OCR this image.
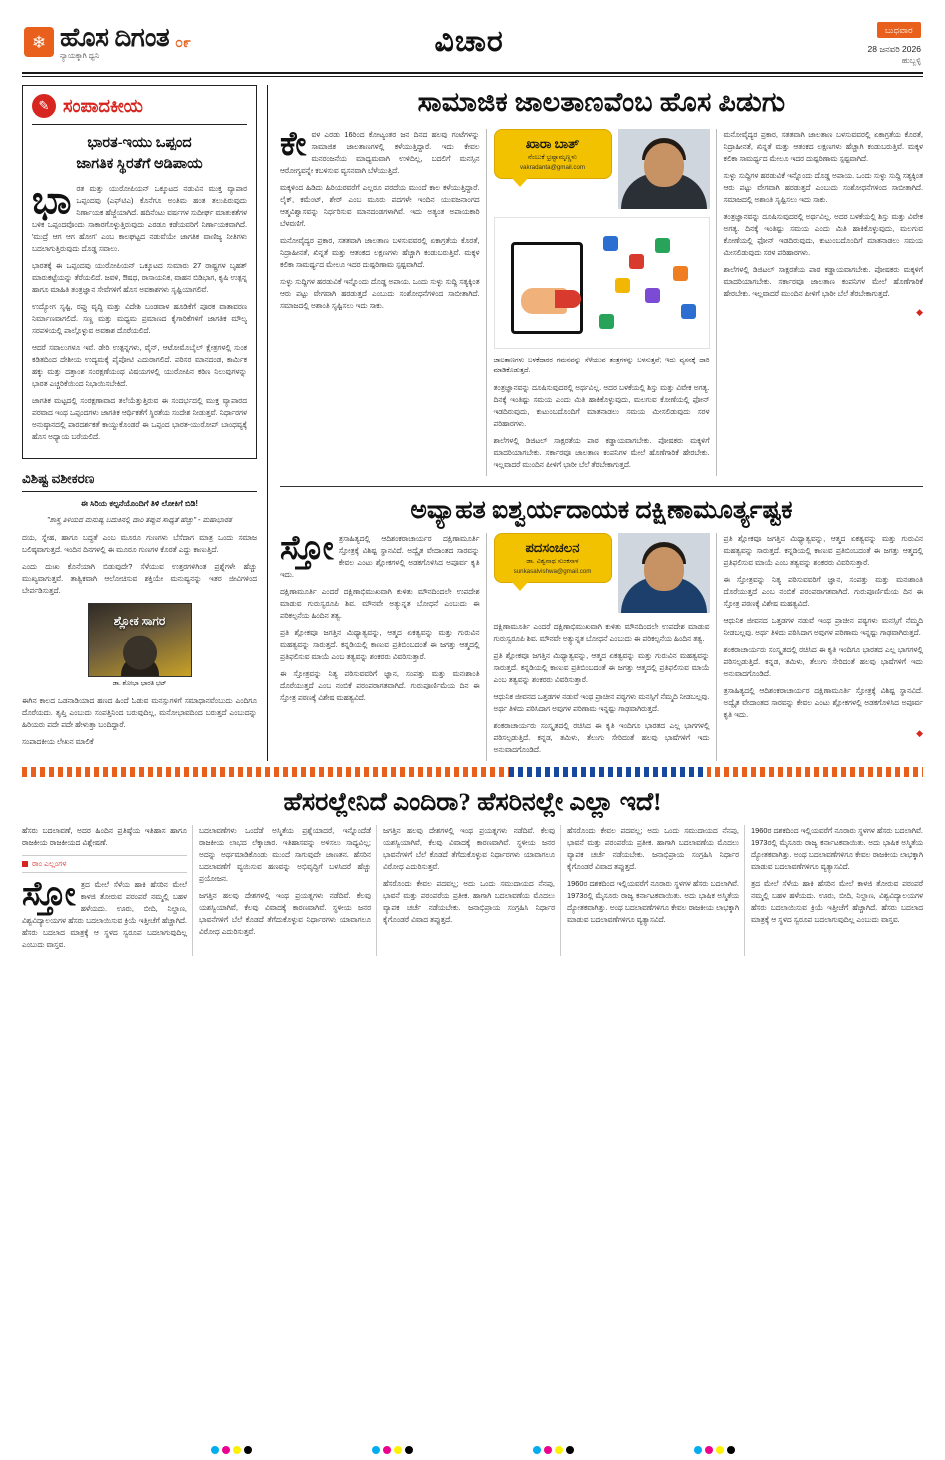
❄ ಹೊಸ ದಿಗಂತ
ನ್ಯಾಯಕ್ಕಾಗಿ ಧ್ವನಿ
೦೯	ವಿಚಾರ	ಬುಧವಾರ
28 ಜನವರಿ 2026
ಹುಬ್ಬಳ್ಳಿ
✎ ಸಂಪಾದಕೀಯ
ಭಾರತ-ಇಯು ಒಪ್ಪಂದ
ಜಾಗತಿಕ ಸ್ಥಿರತೆಗೆ ಅಡಿಪಾಯ
ಭಾ ರತ ಮತ್ತು ಯುರೋಪಿಯನ್ ಒಕ್ಕೂಟದ ನಡುವಿನ ಮುಕ್ತ ವ್ಯಾಪಾರ ಒಪ್ಪಂದವು (ಎಫ್‌ಟಿಎ) ಕೊನೆಗೂ ಅಂತಿಮ ಹಂತ ತಲುಪಿರುವುದು ನಿರ್ಣಾಯಕ ಹೆಜ್ಜೆಯಾಗಿದೆ. ಹದಿನೆಂಟು ವರ್ಷಗಳ ಸುದೀರ್ಘ ಮಾತುಕತೆಗಳ ಬಳಿಕ ಒಪ್ಪಂದವೊಂದು ಸಾಕಾರಗೊಳ್ಳುತ್ತಿರುವುದು ಎರಡೂ ಕಡೆಯವರಿಗೆ ನಿರ್ಣಾಯಕವಾಗಿದೆ. 'ಮುದ್ರೆ ಆಗ ಆಗ ಹೋಗ' ಎಂಬ ಕಾಲಘಟ್ಟದ ನಡುವೆಯೇ ಜಾಗತಿಕ ವಾಣಿಜ್ಯ ನೀತಿಗಳು ಬದಲಾಗುತ್ತಿರುವುದು ದೊಡ್ಡ ಸವಾಲು.

ಭಾರತಕ್ಕೆ ಈ ಒಪ್ಪಂದವು ಯುರೋಪಿಯನ್ ಒಕ್ಕೂಟದ ಸುಮಾರು 27 ರಾಷ್ಟ್ರಗಳ ಬೃಹತ್ ಮಾರುಕಟ್ಟೆಯನ್ನು ತೆರೆಯಲಿದೆ. ಜವಳಿ, ಔಷಧ, ರಾಸಾಯನಿಕ, ವಾಹನ ಬಿಡಿಭಾಗ, ಕೃಷಿ ಉತ್ಪನ್ನ ಹಾಗೂ ಮಾಹಿತಿ ತಂತ್ರಜ್ಞಾನ ಸೇವೆಗಳಿಗೆ ಹೊಸ ಅವಕಾಶಗಳು ಸೃಷ್ಟಿಯಾಗಲಿವೆ.

ಉದ್ಯೋಗ ಸೃಷ್ಟಿ, ರಫ್ತು ವೃದ್ಧಿ ಮತ್ತು ವಿದೇಶಿ ಬಂಡವಾಳ ಹೂಡಿಕೆಗೆ ಪೂರಕ ವಾತಾವರಣ ನಿರ್ಮಾಣವಾಗಲಿದೆ. ಸಣ್ಣ ಮತ್ತು ಮಧ್ಯಮ ಪ್ರಮಾಣದ ಕೈಗಾರಿಕೆಗಳಿಗೆ ಜಾಗತಿಕ ಮೌಲ್ಯ ಸರಪಳಿಯಲ್ಲಿ ಪಾಲ್ಗೊಳ್ಳುವ ಅವಕಾಶ ದೊರೆಯಲಿದೆ.

ಆದರೆ ಸವಾಲುಗಳೂ ಇವೆ. ಡೇರಿ ಉತ್ಪನ್ನಗಳು, ವೈನ್, ಆಟೋಮೊಬೈಲ್ ಕ್ಷೇತ್ರಗಳಲ್ಲಿ ಸುಂಕ ಕಡಿತದಿಂದ ದೇಶೀಯ ಉದ್ಯಮಕ್ಕೆ ಪೈಪೋಟಿ ಎದುರಾಗಲಿದೆ. ಪರಿಸರ ಮಾನದಂಡ, ಕಾರ್ಮಿಕ ಹಕ್ಕು ಮತ್ತು ದತ್ತಾಂಶ ಸಂರಕ್ಷಣೆಯಂಥ ವಿಷಯಗಳಲ್ಲಿ ಯುರೋಪಿನ ಕಠಿಣ ನಿಲುವುಗಳನ್ನು ಭಾರತ ಎಚ್ಚರಿಕೆಯಿಂದ ನಿಭಾಯಿಸಬೇಕಿದೆ.

ಜಾಗತಿಕ ಮಟ್ಟದಲ್ಲಿ ಸಂರಕ್ಷಣಾವಾದ ತಲೆಯೆತ್ತುತ್ತಿರುವ ಈ ಸಂದರ್ಭದಲ್ಲಿ ಮುಕ್ತ ವ್ಯಾಪಾರದ ಪರವಾದ ಇಂಥ ಒಪ್ಪಂದಗಳು ಜಾಗತಿಕ ಆರ್ಥಿಕತೆಗೆ ಸ್ಥಿರತೆಯ ಸಂದೇಶ ನೀಡುತ್ತವೆ. ನಿರ್ಧಾರಗಳ ಅನುಷ್ಠಾನದಲ್ಲಿ ಪಾರದರ್ಶಕತೆ ಕಾಯ್ದುಕೊಂಡರೆ ಈ ಒಪ್ಪಂದ ಭಾರತ-ಯುರೋಪ್ ಬಾಂಧವ್ಯಕ್ಕೆ ಹೊಸ ಅಧ್ಯಾಯ ಬರೆಯಲಿದೆ.

ವಿಶಿಷ್ಟ ವಶೀಕರಣ
ಈ ಸಿರಿಯ ಕಲ್ಪನೆಯೊಂದಿಗೆ ತಿಳಿ ಲೋಕಿಗೆ ಬಿಡಿ!
"ಶಾಸ್ತ್ರ ತಿಳಿಯದ ಮನುಷ್ಯ ಬದುಕಿನಲ್ಲಿ ದಾರಿ ತಪ್ಪುವ ಸಾಧ್ಯತೆ ಹೆಚ್ಚು" - ಮಹಾಭಾರತ

ದಯ, ಸ್ನೇಹ, ಹಾಗೂ ಬದ್ಧತೆ ಎಂಬ ಮೂರೂ ಗುಣಗಳು ಬೆಸೆದಾಗ ಮಾತ್ರ ಒಂದು ಸಮಾಜ ಬಲಿಷ್ಠವಾಗುತ್ತದೆ. ಇಂದಿನ ದಿನಗಳಲ್ಲಿ ಈ ಮೂರೂ ಗುಣಗಳ ಕೊರತೆ ಎದ್ದು ಕಾಣುತ್ತಿದೆ.

ಎಂದು ದುಃಖ ಕೊನೆಯಾಗಿ ಬಿಡುವುದೇ? ಸೆಳೆಯುವ ಉತ್ತರಗಳಿಗಿಂತ ಪ್ರಶ್ನೆಗಳೇ ಹೆಚ್ಚು ಮುಖ್ಯವಾಗುತ್ತವೆ. ತಾತ್ವಿಕವಾಗಿ ಆಲೋಚಿಸುವ ಶಕ್ತಿಯೇ ಮನುಷ್ಯನನ್ನು ಇತರ ಜೀವಿಗಳಿಂದ ಬೇರ್ಪಡಿಸುತ್ತದೆ.

ಶ್ಲೋಕ ಸಾಗರ
ಡಾ. ಶೋಭಾ ಭಾರತಿ ಭಟ್

ಈಗಿನ ಕಾಲದ ಒಡನಾಡಿಯಾದ ಹಣದ ಹಿಂದೆ ಓಡುವ ಮನಸ್ಸುಗಳಿಗೆ ಸಮಾಧಾನವೆಂಬುದು ಎಂದಿಗೂ ದೊರೆಯದು. ತೃಪ್ತಿ ಎಂಬುದು ಸಂಪತ್ತಿನಿಂದ ಬರುವುದಿಲ್ಲ, ಮನೋಭಾವದಿಂದ ಬರುತ್ತದೆ ಎಂಬುದನ್ನು ಹಿರಿಯರು ಪದೇ ಪದೇ ಹೇಳುತ್ತಾ ಬಂದಿದ್ದಾರೆ.

ಸಂಪಾದಕೀಯ ಲೇಖನ ಮಾಲಿಕೆ

ಸಾಮಾಜಿಕ ಜಾಲತಾಣವೆಂಬ ಹೊಸ ಪಿಡುಗು
ಕೇ ವಳ ಎರಡು 16ರಿಂದ ಕೋಟ್ಯಂತರ ಜನ ದಿನದ ಹಲವು ಗಂಟೆಗಳನ್ನು ಸಾಮಾಜಿಕ ಜಾಲತಾಣಗಳಲ್ಲಿ ಕಳೆಯುತ್ತಿದ್ದಾರೆ. ಇದು ಕೇವಲ ಮನರಂಜನೆಯ ಮಾಧ್ಯಮವಾಗಿ ಉಳಿದಿಲ್ಲ, ಬದಲಿಗೆ ಮನಸ್ಸಿನ ಆರೋಗ್ಯವನ್ನೇ ಕಬಳಿಸುವ ವ್ಯಸನವಾಗಿ ಬೆಳೆಯುತ್ತಿದೆ.

ಮಕ್ಕಳಿಂದ ಹಿಡಿದು ಹಿರಿಯರವರೆಗೆ ಎಲ್ಲರೂ ಪರದೆಯ ಮುಂದೆ ಕಾಲ ಕಳೆಯುತ್ತಿದ್ದಾರೆ. ಲೈಕ್, ಕಮೆಂಟ್, ಶೇರ್ ಎಂಬ ಮೂರು ಪದಗಳೇ ಇಂದಿನ ಯುವಜನಾಂಗದ ಆತ್ಮವಿಶ್ವಾಸವನ್ನು ನಿರ್ಧರಿಸುವ ಮಾನದಂಡಗಳಾಗಿವೆ. ಇದು ಅತ್ಯಂತ ಅಪಾಯಕಾರಿ ಬೆಳವಣಿಗೆ.

ಮನೋವೈದ್ಯರ ಪ್ರಕಾರ, ಸತತವಾಗಿ ಜಾಲತಾಣ ಬಳಸುವವರಲ್ಲಿ ಏಕಾಗ್ರತೆಯ ಕೊರತೆ, ನಿದ್ರಾಹೀನತೆ, ಖಿನ್ನತೆ ಮತ್ತು ಆತಂಕದ ಲಕ್ಷಣಗಳು ಹೆಚ್ಚಾಗಿ ಕಂಡುಬರುತ್ತಿವೆ. ಮಕ್ಕಳ ಕಲಿಕಾ ಸಾಮರ್ಥ್ಯದ ಮೇಲೂ ಇದರ ದುಷ್ಪರಿಣಾಮ ಸ್ಪಷ್ಟವಾಗಿದೆ.

ಸುಳ್ಳು ಸುದ್ದಿಗಳ ಹರಡುವಿಕೆ ಇನ್ನೊಂದು ದೊಡ್ಡ ಅಪಾಯ. ಒಂದು ಸುಳ್ಳು ಸುದ್ದಿ ಸತ್ಯಕ್ಕಿಂತ ಆರು ಪಟ್ಟು ವೇಗವಾಗಿ ಹರಡುತ್ತದೆ ಎಂಬುದು ಸಂಶೋಧನೆಗಳಿಂದ ಸಾಬೀತಾಗಿದೆ. ಸಮಾಜದಲ್ಲಿ ಅಶಾಂತಿ ಸೃಷ್ಟಿಸಲು ಇದು ಸಾಕು.

ಖಾರಾ ಬಾತ್
ನೆಂಬುಕೆ ಭ್ರಷ್ಟಾಮೃಣ್ಣಳು
vakradanta@gmail.com
ಜಾಲತಾಣಗಳು ಬಳಕೆದಾರರ ಗಮನವನ್ನು ಸೆಳೆಯುವ ತಂತ್ರಗಳನ್ನು ಬಳಸುತ್ತವೆ; ಇದು ವ್ಯಸನಕ್ಕೆ ದಾರಿ ಮಾಡಿಕೊಡುತ್ತದೆ.

ತಂತ್ರಜ್ಞಾನವನ್ನು ದೂಷಿಸುವುದರಲ್ಲಿ ಅರ್ಥವಿಲ್ಲ. ಅದರ ಬಳಕೆಯಲ್ಲಿ ಶಿಸ್ತು ಮತ್ತು ವಿವೇಕ ಅಗತ್ಯ. ದಿನಕ್ಕೆ ಇಂತಿಷ್ಟು ಸಮಯ ಎಂದು ಮಿತಿ ಹಾಕಿಕೊಳ್ಳುವುದು, ಮಲಗುವ ಕೋಣೆಯಲ್ಲಿ ಫೋನ್ ಇಡದಿರುವುದು, ಕುಟುಂಬದೊಂದಿಗೆ ಮಾತನಾಡಲು ಸಮಯ ಮೀಸಲಿಡುವುದು ಸರಳ ಪರಿಹಾರಗಳು.

ಶಾಲೆಗಳಲ್ಲಿ ಡಿಜಿಟಲ್ ಸಾಕ್ಷರತೆಯ ಪಾಠ ಕಡ್ಡಾಯವಾಗಬೇಕು. ಪೋಷಕರು ಮಕ್ಕಳಿಗೆ ಮಾದರಿಯಾಗಬೇಕು. ಸರ್ಕಾರವೂ ಜಾಲತಾಣ ಕಂಪನಿಗಳ ಮೇಲೆ ಹೊಣೆಗಾರಿಕೆ ಹೇರಬೇಕು. ಇಲ್ಲವಾದರೆ ಮುಂದಿನ ಪೀಳಿಗೆ ಭಾರೀ ಬೆಲೆ ತೆರಬೇಕಾಗುತ್ತದೆ.

ಮನೋವೈದ್ಯರ ಪ್ರಕಾರ, ಸತತವಾಗಿ ಜಾಲತಾಣ ಬಳಸುವವರಲ್ಲಿ ಏಕಾಗ್ರತೆಯ ಕೊರತೆ, ನಿದ್ರಾಹೀನತೆ, ಖಿನ್ನತೆ ಮತ್ತು ಆತಂಕದ ಲಕ್ಷಣಗಳು ಹೆಚ್ಚಾಗಿ ಕಂಡುಬರುತ್ತಿವೆ. ಮಕ್ಕಳ ಕಲಿಕಾ ಸಾಮರ್ಥ್ಯದ ಮೇಲೂ ಇದರ ದುಷ್ಪರಿಣಾಮ ಸ್ಪಷ್ಟವಾಗಿದೆ.

ಸುಳ್ಳು ಸುದ್ದಿಗಳ ಹರಡುವಿಕೆ ಇನ್ನೊಂದು ದೊಡ್ಡ ಅಪಾಯ. ಒಂದು ಸುಳ್ಳು ಸುದ್ದಿ ಸತ್ಯಕ್ಕಿಂತ ಆರು ಪಟ್ಟು ವೇಗವಾಗಿ ಹರಡುತ್ತದೆ ಎಂಬುದು ಸಂಶೋಧನೆಗಳಿಂದ ಸಾಬೀತಾಗಿದೆ. ಸಮಾಜದಲ್ಲಿ ಅಶಾಂತಿ ಸೃಷ್ಟಿಸಲು ಇದು ಸಾಕು.

ತಂತ್ರಜ್ಞಾನವನ್ನು ದೂಷಿಸುವುದರಲ್ಲಿ ಅರ್ಥವಿಲ್ಲ. ಅದರ ಬಳಕೆಯಲ್ಲಿ ಶಿಸ್ತು ಮತ್ತು ವಿವೇಕ ಅಗತ್ಯ. ದಿನಕ್ಕೆ ಇಂತಿಷ್ಟು ಸಮಯ ಎಂದು ಮಿತಿ ಹಾಕಿಕೊಳ್ಳುವುದು, ಮಲಗುವ ಕೋಣೆಯಲ್ಲಿ ಫೋನ್ ಇಡದಿರುವುದು, ಕುಟುಂಬದೊಂದಿಗೆ ಮಾತನಾಡಲು ಸಮಯ ಮೀಸಲಿಡುವುದು ಸರಳ ಪರಿಹಾರಗಳು.

ಶಾಲೆಗಳಲ್ಲಿ ಡಿಜಿಟಲ್ ಸಾಕ್ಷರತೆಯ ಪಾಠ ಕಡ್ಡಾಯವಾಗಬೇಕು. ಪೋಷಕರು ಮಕ್ಕಳಿಗೆ ಮಾದರಿಯಾಗಬೇಕು. ಸರ್ಕಾರವೂ ಜಾಲತಾಣ ಕಂಪನಿಗಳ ಮೇಲೆ ಹೊಣೆಗಾರಿಕೆ ಹೇರಬೇಕು. ಇಲ್ಲವಾದರೆ ಮುಂದಿನ ಪೀಳಿಗೆ ಭಾರೀ ಬೆಲೆ ತೆರಬೇಕಾಗುತ್ತದೆ.

◆
ಅವ್ಯಾಹತ ಐಶ್ವರ್ಯದಾಯಕ ದಕ್ಷಿಣಾಮೂರ್ತ್ಯಷ್ಟಕ
ಸ್ತೋ ತ್ರಸಾಹಿತ್ಯದಲ್ಲಿ ಆದಿಶಂಕರಾಚಾರ್ಯರ ದಕ್ಷಿಣಾಮೂರ್ತಿ ಸ್ತೋತ್ರಕ್ಕೆ ವಿಶಿಷ್ಟ ಸ್ಥಾನವಿದೆ. ಅದ್ವೈತ ವೇದಾಂತದ ಸಾರವನ್ನು ಕೇವಲ ಎಂಟು ಶ್ಲೋಕಗಳಲ್ಲಿ ಅಡಕಗೊಳಿಸಿದ ಅಪೂರ್ವ ಕೃತಿ ಇದು.

ದಕ್ಷಿಣಾಮೂರ್ತಿ ಎಂದರೆ ದಕ್ಷಿಣಾಭಿಮುಖವಾಗಿ ಕುಳಿತು ಮೌನದಿಂದಲೇ ಉಪದೇಶ ಮಾಡುವ ಗುರುಸ್ವರೂಪಿ ಶಿವ. ಮೌನವೇ ಅತ್ಯುನ್ನತ ಬೋಧನೆ ಎಂಬುದು ಈ ಪರಿಕಲ್ಪನೆಯ ಹಿಂದಿನ ತತ್ವ.

ಪ್ರತಿ ಶ್ಲೋಕವೂ ಜಗತ್ತಿನ ಮಿಥ್ಯಾತ್ವವನ್ನು, ಆತ್ಮದ ಏಕತ್ವವನ್ನು ಮತ್ತು ಗುರುವಿನ ಮಹತ್ವವನ್ನು ಸಾರುತ್ತದೆ. ಕನ್ನಡಿಯಲ್ಲಿ ಕಾಣುವ ಪ್ರತಿಬಿಂಬದಂತೆ ಈ ಜಗತ್ತು ಆತ್ಮದಲ್ಲಿ ಪ್ರತಿಫಲಿಸುವ ಮಾಯೆ ಎಂಬ ತತ್ವವನ್ನು ಶಂಕರರು ವಿವರಿಸುತ್ತಾರೆ.

ಈ ಸ್ತೋತ್ರವನ್ನು ನಿತ್ಯ ಪಠಿಸುವವರಿಗೆ ಜ್ಞಾನ, ಸಂಪತ್ತು ಮತ್ತು ಮನಃಶಾಂತಿ ದೊರೆಯುತ್ತದೆ ಎಂಬ ನಂಬಿಕೆ ಪರಂಪರಾಗತವಾಗಿದೆ. ಗುರುಪೂರ್ಣಿಮೆಯ ದಿನ ಈ ಸ್ತೋತ್ರ ಪಠಣಕ್ಕೆ ವಿಶೇಷ ಮಹತ್ವವಿದೆ.

ಪದಸಂಚಲನ
ಡಾ. ವಿಶ್ವನಾಥ ಸುಂಕಸಾಳ
sunkasalvishwa@gmail.com

ದಕ್ಷಿಣಾಮೂರ್ತಿ ಎಂದರೆ ದಕ್ಷಿಣಾಭಿಮುಖವಾಗಿ ಕುಳಿತು ಮೌನದಿಂದಲೇ ಉಪದೇಶ ಮಾಡುವ ಗುರುಸ್ವರೂಪಿ ಶಿವ. ಮೌನವೇ ಅತ್ಯುನ್ನತ ಬೋಧನೆ ಎಂಬುದು ಈ ಪರಿಕಲ್ಪನೆಯ ಹಿಂದಿನ ತತ್ವ.

ಪ್ರತಿ ಶ್ಲೋಕವೂ ಜಗತ್ತಿನ ಮಿಥ್ಯಾತ್ವವನ್ನು, ಆತ್ಮದ ಏಕತ್ವವನ್ನು ಮತ್ತು ಗುರುವಿನ ಮಹತ್ವವನ್ನು ಸಾರುತ್ತದೆ. ಕನ್ನಡಿಯಲ್ಲಿ ಕಾಣುವ ಪ್ರತಿಬಿಂಬದಂತೆ ಈ ಜಗತ್ತು ಆತ್ಮದಲ್ಲಿ ಪ್ರತಿಫಲಿಸುವ ಮಾಯೆ ಎಂಬ ತತ್ವವನ್ನು ಶಂಕರರು ವಿವರಿಸುತ್ತಾರೆ.

ಆಧುನಿಕ ಜೀವನದ ಒತ್ತಡಗಳ ನಡುವೆ ಇಂಥ ಪ್ರಾಚೀನ ಪಠ್ಯಗಳು ಮನಸ್ಸಿಗೆ ನೆಮ್ಮದಿ ನೀಡಬಲ್ಲವು. ಅರ್ಥ ತಿಳಿದು ಪಠಿಸಿದಾಗ ಅವುಗಳ ಪರಿಣಾಮ ಇನ್ನಷ್ಟು ಗಾಢವಾಗಿರುತ್ತದೆ.

ಶಂಕರಾಚಾರ್ಯರು ಸಂಸ್ಕೃತದಲ್ಲಿ ರಚಿಸಿದ ಈ ಕೃತಿ ಇಂದಿಗೂ ಭಾರತದ ಎಲ್ಲ ಭಾಗಗಳಲ್ಲಿ ಪಠಿಸಲ್ಪಡುತ್ತಿದೆ. ಕನ್ನಡ, ತಮಿಳು, ತೆಲುಗು ಸೇರಿದಂತೆ ಹಲವು ಭಾಷೆಗಳಿಗೆ ಇದು ಅನುವಾದಗೊಂಡಿದೆ.

ಪ್ರತಿ ಶ್ಲೋಕವೂ ಜಗತ್ತಿನ ಮಿಥ್ಯಾತ್ವವನ್ನು, ಆತ್ಮದ ಏಕತ್ವವನ್ನು ಮತ್ತು ಗುರುವಿನ ಮಹತ್ವವನ್ನು ಸಾರುತ್ತದೆ. ಕನ್ನಡಿಯಲ್ಲಿ ಕಾಣುವ ಪ್ರತಿಬಿಂಬದಂತೆ ಈ ಜಗತ್ತು ಆತ್ಮದಲ್ಲಿ ಪ್ರತಿಫಲಿಸುವ ಮಾಯೆ ಎಂಬ ತತ್ವವನ್ನು ಶಂಕರರು ವಿವರಿಸುತ್ತಾರೆ.

ಈ ಸ್ತೋತ್ರವನ್ನು ನಿತ್ಯ ಪಠಿಸುವವರಿಗೆ ಜ್ಞಾನ, ಸಂಪತ್ತು ಮತ್ತು ಮನಃಶಾಂತಿ ದೊರೆಯುತ್ತದೆ ಎಂಬ ನಂಬಿಕೆ ಪರಂಪರಾಗತವಾಗಿದೆ. ಗುರುಪೂರ್ಣಿಮೆಯ ದಿನ ಈ ಸ್ತೋತ್ರ ಪಠಣಕ್ಕೆ ವಿಶೇಷ ಮಹತ್ವವಿದೆ.

ಆಧುನಿಕ ಜೀವನದ ಒತ್ತಡಗಳ ನಡುವೆ ಇಂಥ ಪ್ರಾಚೀನ ಪಠ್ಯಗಳು ಮನಸ್ಸಿಗೆ ನೆಮ್ಮದಿ ನೀಡಬಲ್ಲವು. ಅರ್ಥ ತಿಳಿದು ಪಠಿಸಿದಾಗ ಅವುಗಳ ಪರಿಣಾಮ ಇನ್ನಷ್ಟು ಗಾಢವಾಗಿರುತ್ತದೆ.

ಶಂಕರಾಚಾರ್ಯರು ಸಂಸ್ಕೃತದಲ್ಲಿ ರಚಿಸಿದ ಈ ಕೃತಿ ಇಂದಿಗೂ ಭಾರತದ ಎಲ್ಲ ಭಾಗಗಳಲ್ಲಿ ಪಠಿಸಲ್ಪಡುತ್ತಿದೆ. ಕನ್ನಡ, ತಮಿಳು, ತೆಲುಗು ಸೇರಿದಂತೆ ಹಲವು ಭಾಷೆಗಳಿಗೆ ಇದು ಅನುವಾದಗೊಂಡಿದೆ.

ತ್ರಸಾಹಿತ್ಯದಲ್ಲಿ ಆದಿಶಂಕರಾಚಾರ್ಯರ ದಕ್ಷಿಣಾಮೂರ್ತಿ ಸ್ತೋತ್ರಕ್ಕೆ ವಿಶಿಷ್ಟ ಸ್ಥಾನವಿದೆ. ಅದ್ವೈತ ವೇದಾಂತದ ಸಾರವನ್ನು ಕೇವಲ ಎಂಟು ಶ್ಲೋಕಗಳಲ್ಲಿ ಅಡಕಗೊಳಿಸಿದ ಅಪೂರ್ವ ಕೃತಿ ಇದು.

◆
ಹೆಸರಲ್ಲೇನಿದೆ ಎಂದಿರಾ? ಹೆಸರಿನಲ್ಲೇ ಎಲ್ಲಾ ಇದೆ!
ಹೆಸರು ಬದಲಾವಣೆ, ಅದರ ಹಿಂದಿನ ಪ್ರತಿಷ್ಠೆಯ ಇತಿಹಾಸ ಹಾಗೂ ರಾಜಕೀಯ ರಾಜಕೀಯದ ವಿಶ್ಲೇಷಣೆ.
ರಾಂ ಎಲ್ಲಂಗಳ
ಸ್ತೋ ತ್ರದ ಮೇಲೆ ಸೆಳೆಯ ಹಾಕಿ ಹೆಸರಿನ ಮೇಲೆ ಕಾಳಜಿ ತೋರುವ ಪರಂಪರೆ ನಮ್ಮಲ್ಲಿ ಬಹಳ ಹಳೆಯದು. ಊರು, ಬೀದಿ, ನಿಲ್ದಾಣ, ವಿಶ್ವವಿದ್ಯಾಲಯಗಳ ಹೆಸರು ಬದಲಾಯಿಸುವ ಕ್ರಿಯೆ ಇತ್ತೀಚೆಗೆ ಹೆಚ್ಚಾಗಿದೆ. ಹೆಸರು ಬದಲಾದ ಮಾತ್ರಕ್ಕೆ ಆ ಸ್ಥಳದ ಸ್ವರೂಪ ಬದಲಾಗುವುದಿಲ್ಲ ಎಂಬುದು ವಾಸ್ತವ.

ಬದಲಾವಣೆಗಳು ಒಂದೆಡೆ ಅಸ್ಮಿತೆಯ ಪ್ರಶ್ನೆಯಾದರೆ, ಇನ್ನೊಂದೆಡೆ ರಾಜಕೀಯ ಲಾಭದ ಲೆಕ್ಕಾಚಾರ. ಇತಿಹಾಸವನ್ನು ಅಳಿಸಲು ಸಾಧ್ಯವಿಲ್ಲ; ಅದನ್ನು ಅರ್ಥಮಾಡಿಕೊಂಡು ಮುಂದೆ ಸಾಗುವುದೇ ಜಾಣತನ. ಹೆಸರಿನ ಬದಲಾವಣೆಗೆ ವ್ಯಯಿಸುವ ಹಣವನ್ನು ಅಭಿವೃದ್ಧಿಗೆ ಬಳಸಿದರೆ ಹೆಚ್ಚು ಪ್ರಯೋಜನ.

ಜಗತ್ತಿನ ಹಲವು ದೇಶಗಳಲ್ಲಿ ಇಂಥ ಪ್ರಯತ್ನಗಳು ನಡೆದಿವೆ. ಕೆಲವು ಯಶಸ್ವಿಯಾಗಿವೆ, ಕೆಲವು ವಿವಾದಕ್ಕೆ ಕಾರಣವಾಗಿವೆ. ಸ್ಥಳೀಯ ಜನರ ಭಾವನೆಗಳಿಗೆ ಬೆಲೆ ಕೊಡದೆ ತೆಗೆದುಕೊಳ್ಳುವ ನಿರ್ಧಾರಗಳು ಯಾವಾಗಲೂ ವಿರೋಧ ಎದುರಿಸುತ್ತವೆ.

ಜಗತ್ತಿನ ಹಲವು ದೇಶಗಳಲ್ಲಿ ಇಂಥ ಪ್ರಯತ್ನಗಳು ನಡೆದಿವೆ. ಕೆಲವು ಯಶಸ್ವಿಯಾಗಿವೆ, ಕೆಲವು ವಿವಾದಕ್ಕೆ ಕಾರಣವಾಗಿವೆ. ಸ್ಥಳೀಯ ಜನರ ಭಾವನೆಗಳಿಗೆ ಬೆಲೆ ಕೊಡದೆ ತೆಗೆದುಕೊಳ್ಳುವ ನಿರ್ಧಾರಗಳು ಯಾವಾಗಲೂ ವಿರೋಧ ಎದುರಿಸುತ್ತವೆ.

ಹೆಸರೊಂದು ಕೇವಲ ಪದವಲ್ಲ; ಅದು ಒಂದು ಸಮುದಾಯದ ನೆನಪು, ಭಾವನೆ ಮತ್ತು ಪರಂಪರೆಯ ಪ್ರತೀಕ. ಹಾಗಾಗಿ ಬದಲಾವಣೆಯ ಮೊದಲು ವ್ಯಾಪಕ ಚರ್ಚೆ ನಡೆಯಬೇಕು. ಜನಾಭಿಪ್ರಾಯ ಸಂಗ್ರಹಿಸಿ ನಿರ್ಧಾರ ಕೈಗೊಂಡರೆ ವಿವಾದ ತಪ್ಪುತ್ತದೆ.

ಹೆಸರೊಂದು ಕೇವಲ ಪದವಲ್ಲ; ಅದು ಒಂದು ಸಮುದಾಯದ ನೆನಪು, ಭಾವನೆ ಮತ್ತು ಪರಂಪರೆಯ ಪ್ರತೀಕ. ಹಾಗಾಗಿ ಬದಲಾವಣೆಯ ಮೊದಲು ವ್ಯಾಪಕ ಚರ್ಚೆ ನಡೆಯಬೇಕು. ಜನಾಭಿಪ್ರಾಯ ಸಂಗ್ರಹಿಸಿ ನಿರ್ಧಾರ ಕೈಗೊಂಡರೆ ವಿವಾದ ತಪ್ಪುತ್ತದೆ.

1960ರ ದಶಕದಿಂದ ಇಲ್ಲಿಯವರೆಗೆ ನೂರಾರು ಸ್ಥಳಗಳ ಹೆಸರು ಬದಲಾಗಿವೆ. 1973ರಲ್ಲಿ ಮೈಸೂರು ರಾಜ್ಯ ಕರ್ನಾಟಕವಾಯಿತು. ಅದು ಭಾಷಿಕ ಅಸ್ಮಿತೆಯ ದ್ಯೋತಕವಾಗಿತ್ತು. ಅಂಥ ಬದಲಾವಣೆಗಳಿಗೂ ಕೇವಲ ರಾಜಕೀಯ ಲಾಭಕ್ಕಾಗಿ ಮಾಡುವ ಬದಲಾವಣೆಗಳಿಗೂ ವ್ಯತ್ಯಾಸವಿದೆ.

1960ರ ದಶಕದಿಂದ ಇಲ್ಲಿಯವರೆಗೆ ನೂರಾರು ಸ್ಥಳಗಳ ಹೆಸರು ಬದಲಾಗಿವೆ. 1973ರಲ್ಲಿ ಮೈಸೂರು ರಾಜ್ಯ ಕರ್ನಾಟಕವಾಯಿತು. ಅದು ಭಾಷಿಕ ಅಸ್ಮಿತೆಯ ದ್ಯೋತಕವಾಗಿತ್ತು. ಅಂಥ ಬದಲಾವಣೆಗಳಿಗೂ ಕೇವಲ ರಾಜಕೀಯ ಲಾಭಕ್ಕಾಗಿ ಮಾಡುವ ಬದಲಾವಣೆಗಳಿಗೂ ವ್ಯತ್ಯಾಸವಿದೆ.

ತ್ರದ ಮೇಲೆ ಸೆಳೆಯ ಹಾಕಿ ಹೆಸರಿನ ಮೇಲೆ ಕಾಳಜಿ ತೋರುವ ಪರಂಪರೆ ನಮ್ಮಲ್ಲಿ ಬಹಳ ಹಳೆಯದು. ಊರು, ಬೀದಿ, ನಿಲ್ದಾಣ, ವಿಶ್ವವಿದ್ಯಾಲಯಗಳ ಹೆಸರು ಬದಲಾಯಿಸುವ ಕ್ರಿಯೆ ಇತ್ತೀಚೆಗೆ ಹೆಚ್ಚಾಗಿದೆ. ಹೆಸರು ಬದಲಾದ ಮಾತ್ರಕ್ಕೆ ಆ ಸ್ಥಳದ ಸ್ವರೂಪ ಬದಲಾಗುವುದಿಲ್ಲ ಎಂಬುದು ವಾಸ್ತವ.
